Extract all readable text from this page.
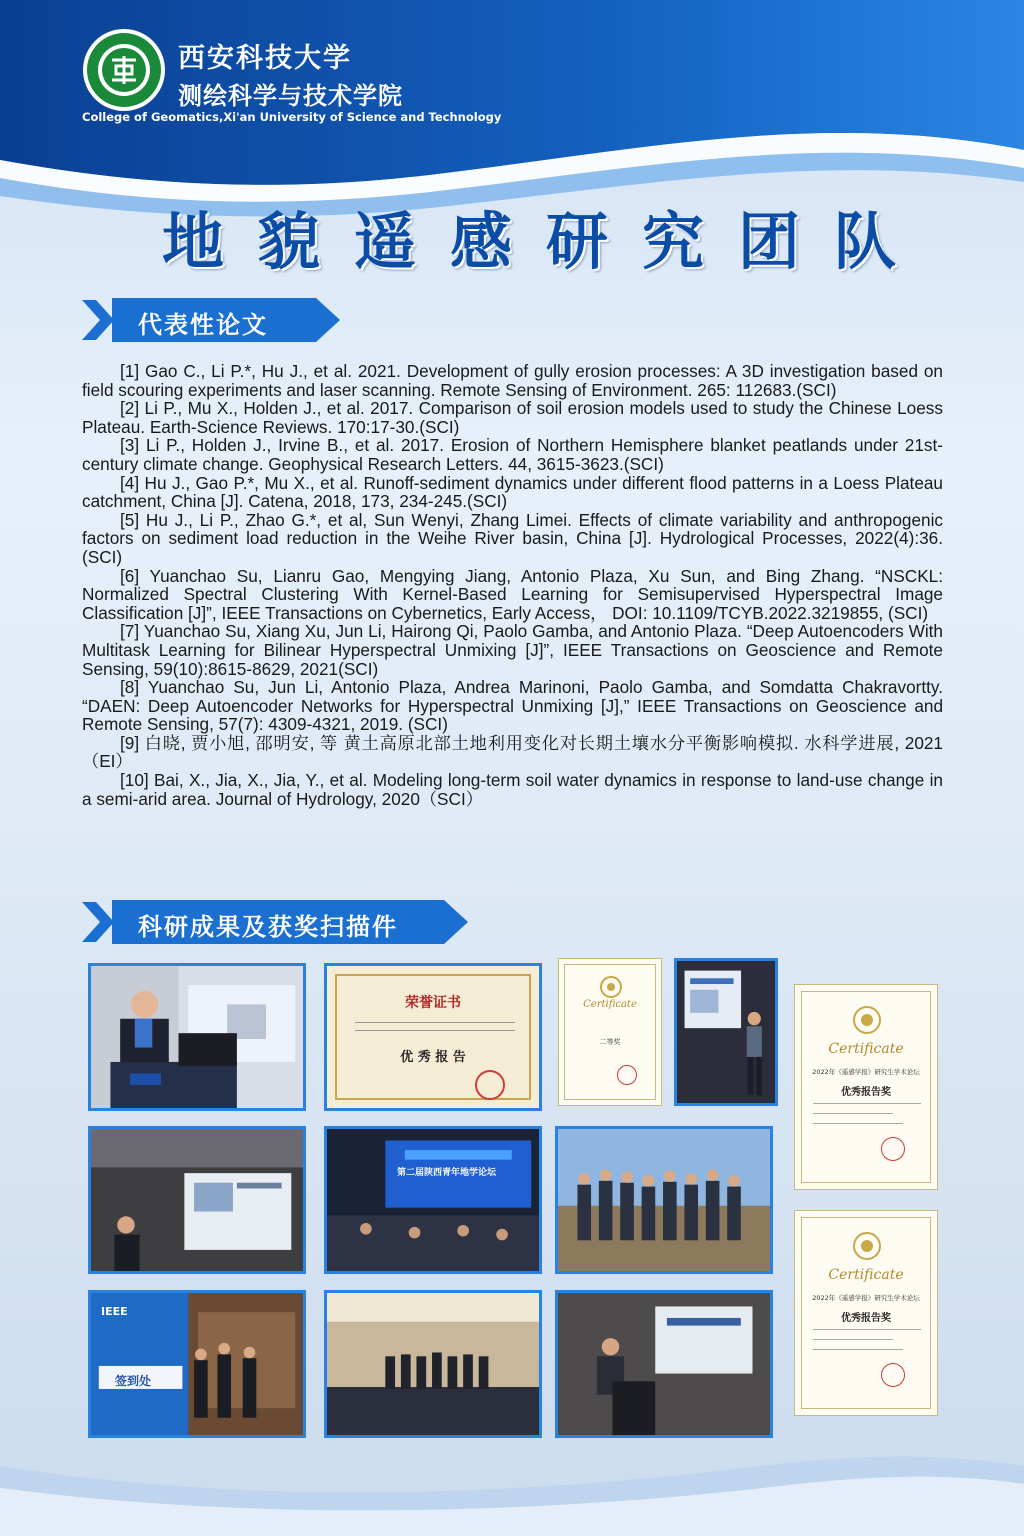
西安科技大学
测绘科学与技术学院
College of Geomatics,Xi'an University of Science and Technology
地貌遥感研究团队
代表性论文

[1] Gao C., Li P.*, Hu J., et al. 2021. Development of gully erosion processes: A 3D investigation based on field scouring experiments and laser scanning. Remote Sensing of Environment. 265: 112683.(SCI)

[2] Li P., Mu X., Holden J., et al. 2017. Comparison of soil erosion models used to study the Chinese Loess Plateau. Earth-Science Reviews. 170:17-30.(SCI)

[3] Li P., Holden J., Irvine B., et al. 2017. Erosion of Northern Hemisphere blanket peatlands under 21st-century climate change. Geophysical Research Letters. 44, 3615-3623.(SCI)

[4] Hu J., Gao P.*, Mu X., et al. Runoff-sediment dynamics under different flood patterns in a Loess Plateau catchment, China [J]. Catena, 2018, 173, 234-245.(SCI)

[5] Hu J., Li P., Zhao G.*, et al, Sun Wenyi, Zhang Limei. Effects of climate variability and anthropogenic factors on sediment load reduction in the Weihe River basin, China [J]. Hydrological Processes, 2022(4):36. (SCI)

[6] Yuanchao Su, Lianru Gao, Mengying Jiang, Antonio Plaza, Xu Sun, and Bing Zhang. “NSCKL: Normalized Spectral Clustering With Kernel-Based Learning for Semisupervised Hyperspectral Image Classification [J]”, IEEE Transactions on Cybernetics, Early Access， DOI: 10.1109/TCYB.2022.3219855, (SCI)

[7] Yuanchao Su, Xiang Xu, Jun Li, Hairong Qi, Paolo Gamba, and Antonio Plaza. “Deep Autoencoders With Multitask Learning for Bilinear Hyperspectral Unmixing [J]”, IEEE Transactions on Geoscience and Remote Sensing, 59(10):8615-8629, 2021(SCI)

[8] Yuanchao Su, Jun Li, Antonio Plaza, Andrea Marinoni, Paolo Gamba, and Somdatta Chakravortty. “DAEN: Deep Autoencoder Networks for Hyperspectral Unmixing [J],” IEEE Transactions on Geoscience and Remote Sensing, 57(7): 4309-4321, 2019. (SCI)

[9] 白晓, 贾小旭, 邵明安, 等 黄土高原北部土地利用变化对长期土壤水分平衡影响模拟. 水科学进展, 2021（EI）

[10] Bai, X., Jia, X., Jia, Y., et al. Modeling long-term soil water dynamics in response to land-use change in a semi-arid area. Journal of Hydrology, 2020（SCI）

科研成果及获奖扫描件
荣誉证书
优 秀 报 告
Certificate
二等奖	Certificate
2022年《遥感学报》研究生学术论坛
优秀报告奖
第二届陕西青年地学论坛
Certificate
2022年《遥感学报》研究生学术论坛
优秀报告奖
IEEE
签到处
